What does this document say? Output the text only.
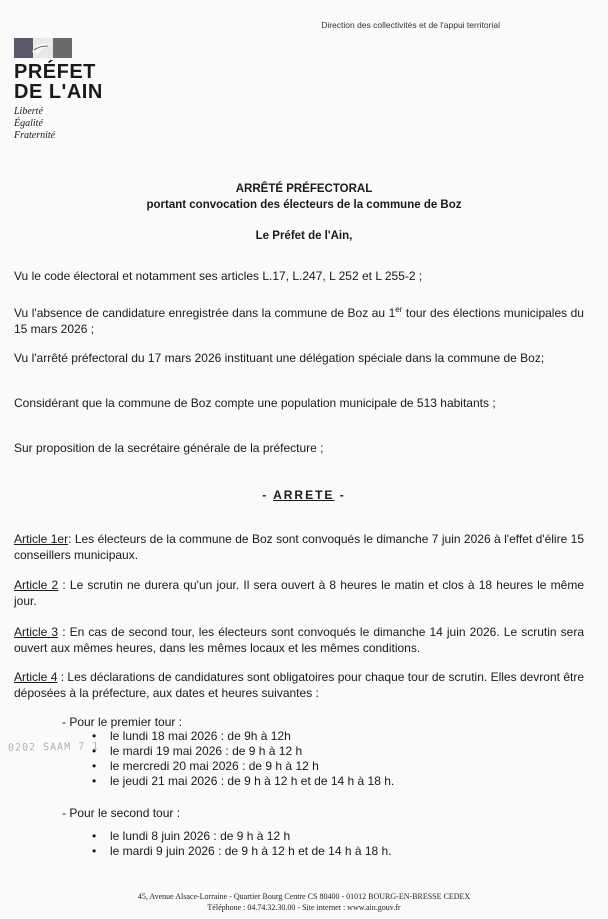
Direction des collectivités et de l'appui territorial
PRÉFET
DE L'AIN
Liberté
Égalité
Fraternité
ARRÊTÉ PRÉFECTORAL
portant convocation des électeurs de la commune de Boz
Le Préfet de l'Ain,
Vu le code électoral et notamment ses articles L.17, L.247, L 252 et L 255-2 ;
Vu l'absence de candidature enregistrée dans la commune de Boz au 1er tour des élections municipales du 15 mars 2026 ;
Vu l'arrêté préfectoral du 17 mars 2026 instituant une délégation spéciale dans la commune de Boz;
Considérant que la commune de Boz compte une population municipale de 513 habitants ;
Sur proposition de la secrétaire générale de la préfecture ;
- ARRETE -
Article 1er: Les électeurs de la commune de Boz sont convoqués le dimanche 7 juin 2026 à l'effet d'élire 15 conseillers municipaux.
Article 2 : Le scrutin ne durera qu'un jour. Il sera ouvert à 8 heures le matin et clos à 18 heures le même jour.
Article 3 : En cas de second tour, les électeurs sont convoqués le dimanche 14 juin 2026. Le scrutin sera ouvert aux mêmes heures, dans les mêmes locaux et les mêmes conditions.
Article 4 : Les déclarations de candidatures sont obligatoires pour chaque tour de scrutin. Elles devront être déposées à la préfecture, aux dates et heures suivantes :
- Pour le premier tour :
• le lundi 18 mai 2026 : de 9h à 12h
• le mardi 19 mai 2026 : de 9 h à 12 h
• le mercredi 20 mai 2026 : de 9 h à 12 h
• le jeudi 21 mai 2026 : de 9 h à 12 h et de 14 h à 18 h.
0202 SAAM 7 1
- Pour le second tour :
• le lundi 8 juin 2026 : de 9 h à 12 h
• le mardi 9 juin 2026 : de 9 h à 12 h et de 14 h à 18 h.
45, Avenue Alsace-Lorraine - Quartier Bourg Centre CS 80400 - 01012 BOURG-EN-BRESSE CEDEX
Téléphone : 04.74.32.30.00 - Site internet : www.ain.gouv.fr
